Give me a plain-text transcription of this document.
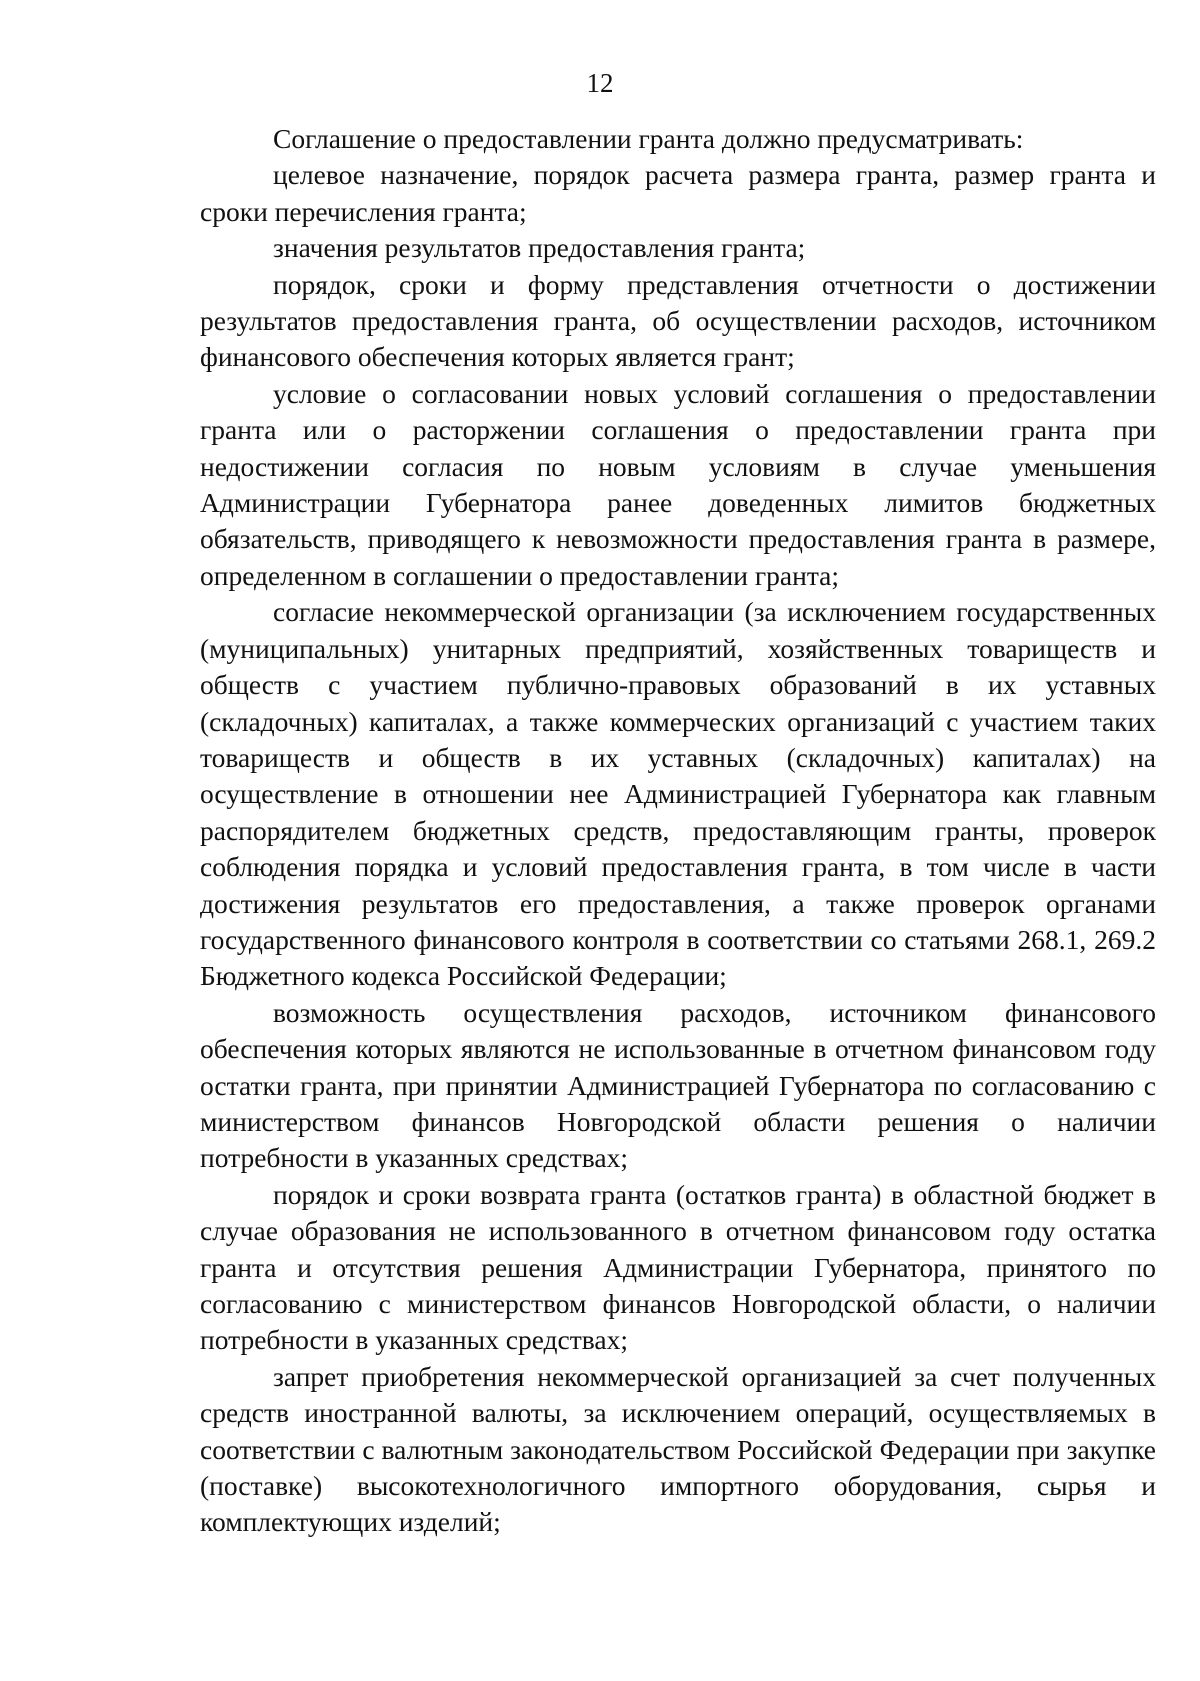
12

Соглашение о предоставлении гранта должно предусматривать:

целевое назначение, порядок расчета размера гранта, размер гранта и сроки перечисления гранта;

значения результатов предоставления гранта;

порядок, сроки и форму представления отчетности о достижении результатов предоставления гранта, об осуществлении расходов, источником финансового обеспечения которых является грант;

условие о согласовании новых условий соглашения о предоставлении гранта или о расторжении соглашения о предоставлении гранта при недостижении согласия по новым условиям в случае уменьшения Администрации Губернатора ранее доведенных лимитов бюджетных обязательств, приводящего к невозможности предоставления гранта в размере, определенном в соглашении о предоставлении гранта;

согласие некоммерческой организации (за исключением государственных (муниципальных) унитарных предприятий, хозяйственных товариществ и обществ с участием публично-правовых образований в их уставных (складочных) капиталах, а также коммерческих организаций с участием таких товариществ и обществ в их уставных (складочных) капиталах) на осуществление в отношении нее Администрацией Губернатора как главным распорядителем бюджетных средств, предоставляющим гранты, проверок соблюдения порядка и условий предоставления гранта, в том числе в части достижения результатов его предоставления, а также проверок органами государственного финансового контроля в соответствии со статьями 268.1, 269.2 Бюджетного кодекса Российской Федерации;

возможность осуществления расходов, источником финансового обеспечения которых являются не использованные в отчетном финансовом году остатки гранта, при принятии Администрацией Губернатора по согласованию с министерством финансов Новгородской области решения о наличии потребности в указанных средствах;

порядок и сроки возврата гранта (остатков гранта) в областной бюджет в случае образования не использованного в отчетном финансовом году остатка гранта и отсутствия решения Администрации Губернатора, принятого по согласованию с министерством финансов Новгородской области, о наличии потребности в указанных средствах;

запрет приобретения некоммерческой организацией за счет полученных средств иностранной валюты, за исключением операций, осуществляемых в соответствии с валютным законодательством Российской Федерации при закупке (поставке) высокотехнологичного импортного оборудования, сырья и комплектующих изделий;
